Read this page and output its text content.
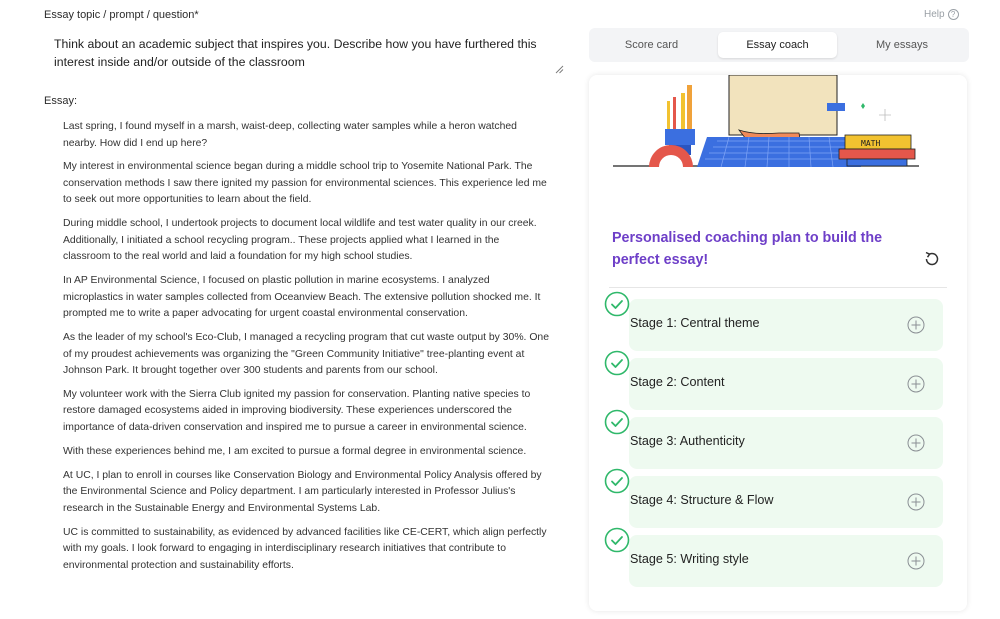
Essay topic / prompt / question*
Think about an academic subject that inspires you. Describe how you have furthered this interest inside and/or outside of the classroom
Essay:

Last spring, I found myself in a marsh, waist-deep, collecting water samples while a heron watched nearby. How did I end up here?

My interest in environmental science began during a middle school trip to Yosemite National Park. The conservation methods I saw there ignited my passion for environmental sciences. This experience led me to seek out more opportunities to learn about the field.

During middle school, I undertook projects to document local wildlife and test water quality in our creek. Additionally, I initiated a school recycling program.. These projects applied what I learned in the classroom to the real world and laid a foundation for my high school studies.

In AP Environmental Science, I focused on plastic pollution in marine ecosystems. I analyzed microplastics in water samples collected from Oceanview Beach. The extensive pollution shocked me. It prompted me to write a paper advocating for urgent coastal environmental conservation.

As the leader of my school's Eco-Club, I managed a recycling program that cut waste output by 30%. One of my proudest achievements was organizing the "Green Community Initiative" tree-planting event at Johnson Park. It brought together over 300 students and parents from our school.

My volunteer work with the Sierra Club ignited my passion for conservation. Planting native species to restore damaged ecosystems aided in improving biodiversity. These experiences underscored the importance of data-driven conservation and inspired me to pursue a career in environmental science.

With these experiences behind me, I am excited to pursue a formal degree in environmental science.

At UC, I plan to enroll in courses like Conservation Biology and Environmental Policy Analysis offered by the Environmental Science and Policy department. I am particularly interested in Professor Julius's research in the Sustainable Energy and Environmental Systems Lab.

UC is committed to sustainability, as evidenced by advanced facilities like CE-CERT, which align perfectly with my goals. I look forward to engaging in interdisciplinary research initiatives that contribute to environmental protection and sustainability efforts.

Help ?
Score card	Essay coach	My essays
MATH
Personalised coaching plan to build the perfect essay!
Stage 1: Central theme
Stage 2: Content
Stage 3: Authenticity
Stage 4: Structure & Flow
Stage 5: Writing style
